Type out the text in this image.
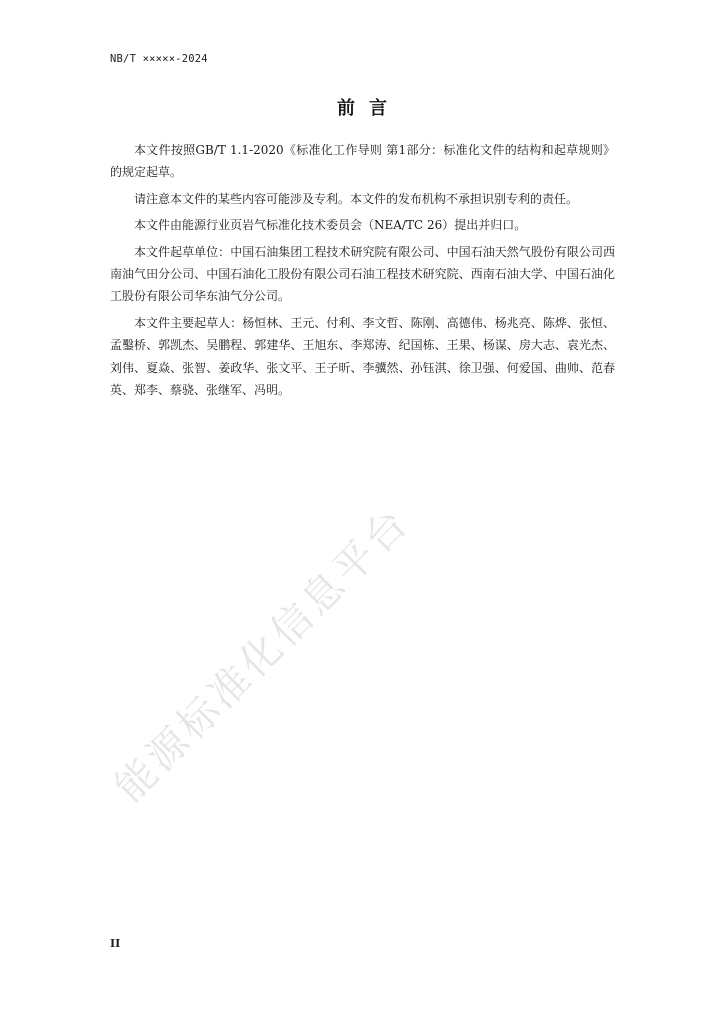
NB/T ×××××-2024
前言

本文件按照GB/T 1.1-2020《标准化工作导则 第1部分：标准化文件的结构和起草规则》的规定起草。

请注意本文件的某些内容可能涉及专利。本文件的发布机构不承担识别专利的责任。

本文件由能源行业页岩气标准化技术委员会（NEA/TC 26）提出并归口。

本文件起草单位：中国石油集团工程技术研究院有限公司、中国石油天然气股份有限公司西南油气田分公司、中国石油化工股份有限公司石油工程技术研究院、西南石油大学、中国石油化工股份有限公司华东油气分公司。

本文件主要起草人：杨恒林、王元、付利、李文哲、陈刚、高德伟、杨兆亮、陈烨、张恒、孟鑿桥、郭凯杰、吴鹏程、郭建华、王旭东、李郑涛、纪国栋、王果、杨谋、房大志、袁光杰、刘伟、夏焱、张智、姜政华、张文平、王子昕、李骥然、孙钰淇、徐卫强、何爱国、曲帅、范春英、郑李、蔡骁、张继军、冯明。

能源标准化信息平台
II
